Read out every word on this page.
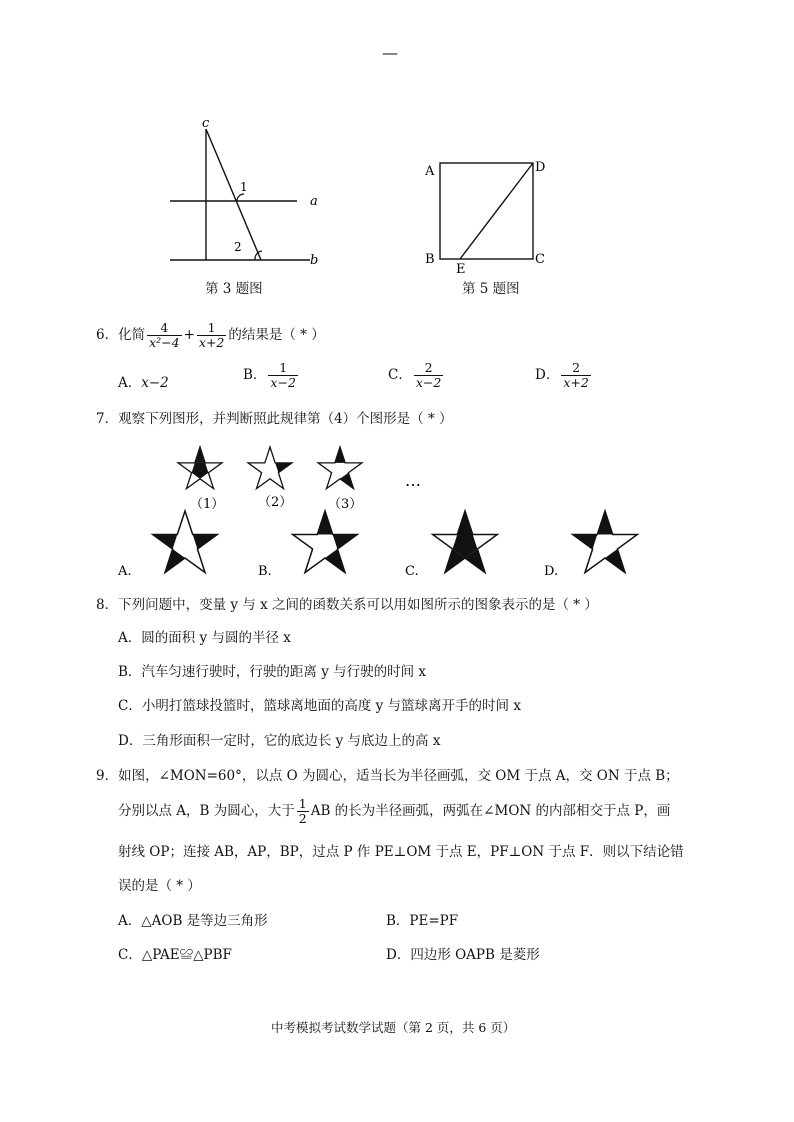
—
c
a
b
1
2
第 3 题图
A	D
B	C
E
第 5 题图
6．化简 $\frac{4}{\text{x²−4}} + \frac{1}{x+2}$ 的结果是（ * ）
A．x−2	B． $\frac{1}{x-2}$	C． $\frac{2}{x-2}$	D． $\frac{2}{x+2}$
7．观察下列图形，并判断照此规律第（4）个图形是（ * ）
（1）	（2）	（3）
…
A.	B.	C.	D.
8．下列问题中，变量 y 与 x 之间的函数关系可以用如图所示的图象表示的是（ * ）
A．圆的面积 y 与圆的半径 x
B．汽车匀速行驶时，行驶的距离 y 与行驶的时间 x
C．小明打篮球投篮时，篮球离地面的高度 y 与篮球离开手的时间 x
D．三角形面积一定时，它的底边长 y 与底边上的高 x
9．如图，∠MON=60°，以点 O 为圆心，适当长为半径画弧，交 OM 于点 A，交 ON 于点 B；
分别以点 A，B 为圆心，大于 $\frac{1}{2}$ AB 的长为半径画弧，两弧在∠MON 的内部相交于点 P，画
射线 OP；连接 AB，AP，BP，过点 P 作 PE⊥OM 于点 E，PF⊥ON 于点 F．则以下结论错
误的是（ * ）
A．△AOB 是等边三角形	B．PE=PF
C．△PAE≌△PBF	D．四边形 OAPB 是菱形
中考模拟考试数学试题（第 2 页，共 6 页）
